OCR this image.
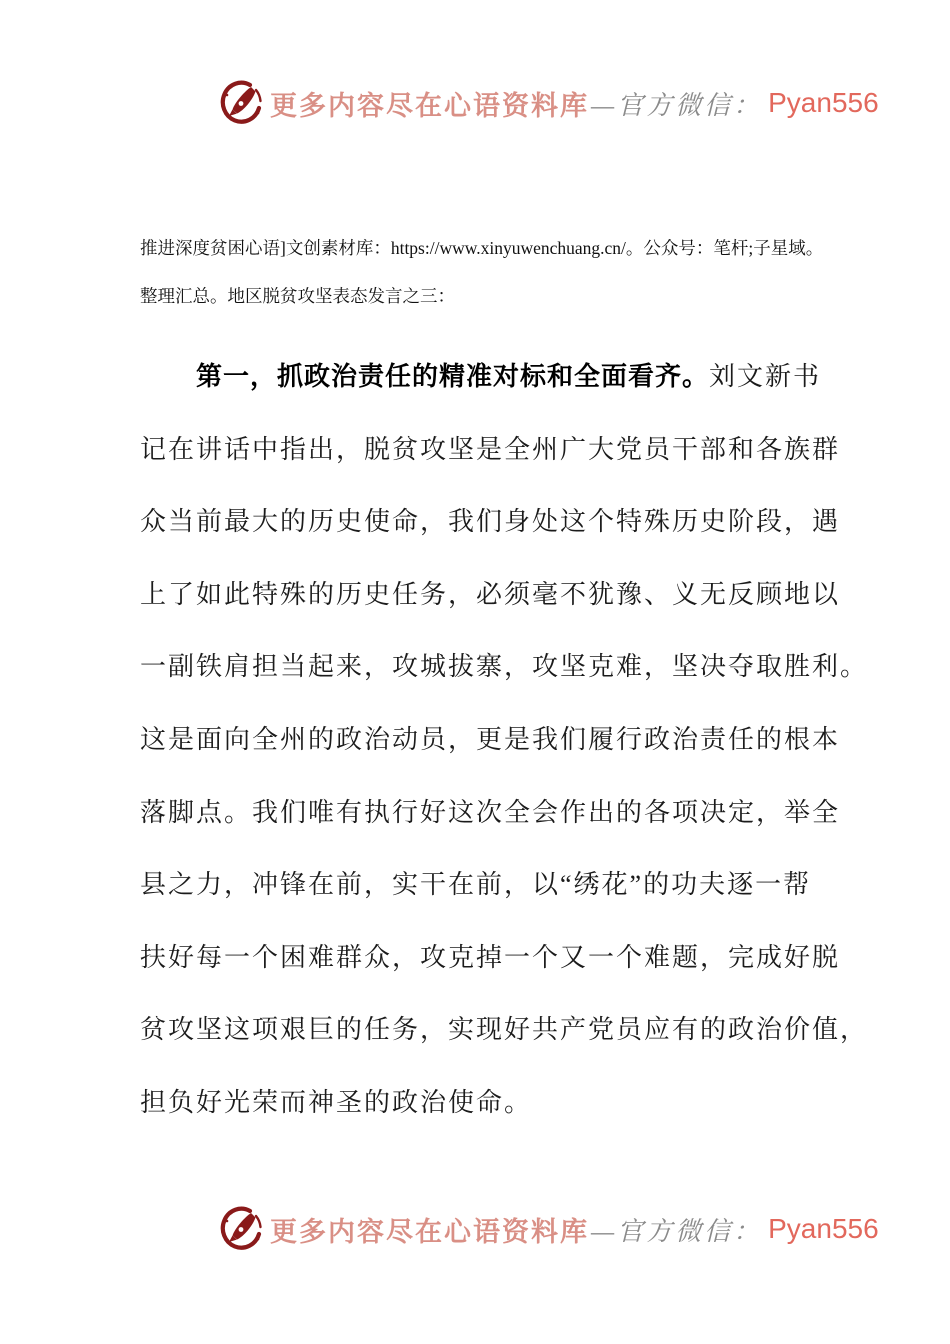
更多内容尽在心语资料库 —官方微信： Pyan556
推进深度贫困心语]文创素材库：https://www.xinyuwenchuang.cn/。公众号：笔杆;子星域。
整理汇总。地区脱贫攻坚表态发言之三：
第一，抓政治责任的精准对标和全面看齐。刘文新书
记在讲话中指出，脱贫攻坚是全州广大党员干部和各族群
众当前最大的历史使命，我们身处这个特殊历史阶段，遇
上了如此特殊的历史任务，必须毫不犹豫、义无反顾地以
一副铁肩担当起来，攻城拔寨，攻坚克难，坚决夺取胜利。
这是面向全州的政治动员，更是我们履行政治责任的根本
落脚点。我们唯有执行好这次全会作出的各项决定，举全
县之力，冲锋在前，实干在前，以“绣花”的功夫逐一帮
扶好每一个困难群众，攻克掉一个又一个难题，完成好脱
贫攻坚这项艰巨的任务，实现好共产党员应有的政治价值，
担负好光荣而神圣的政治使命。
更多内容尽在心语资料库 —官方微信： Pyan556
